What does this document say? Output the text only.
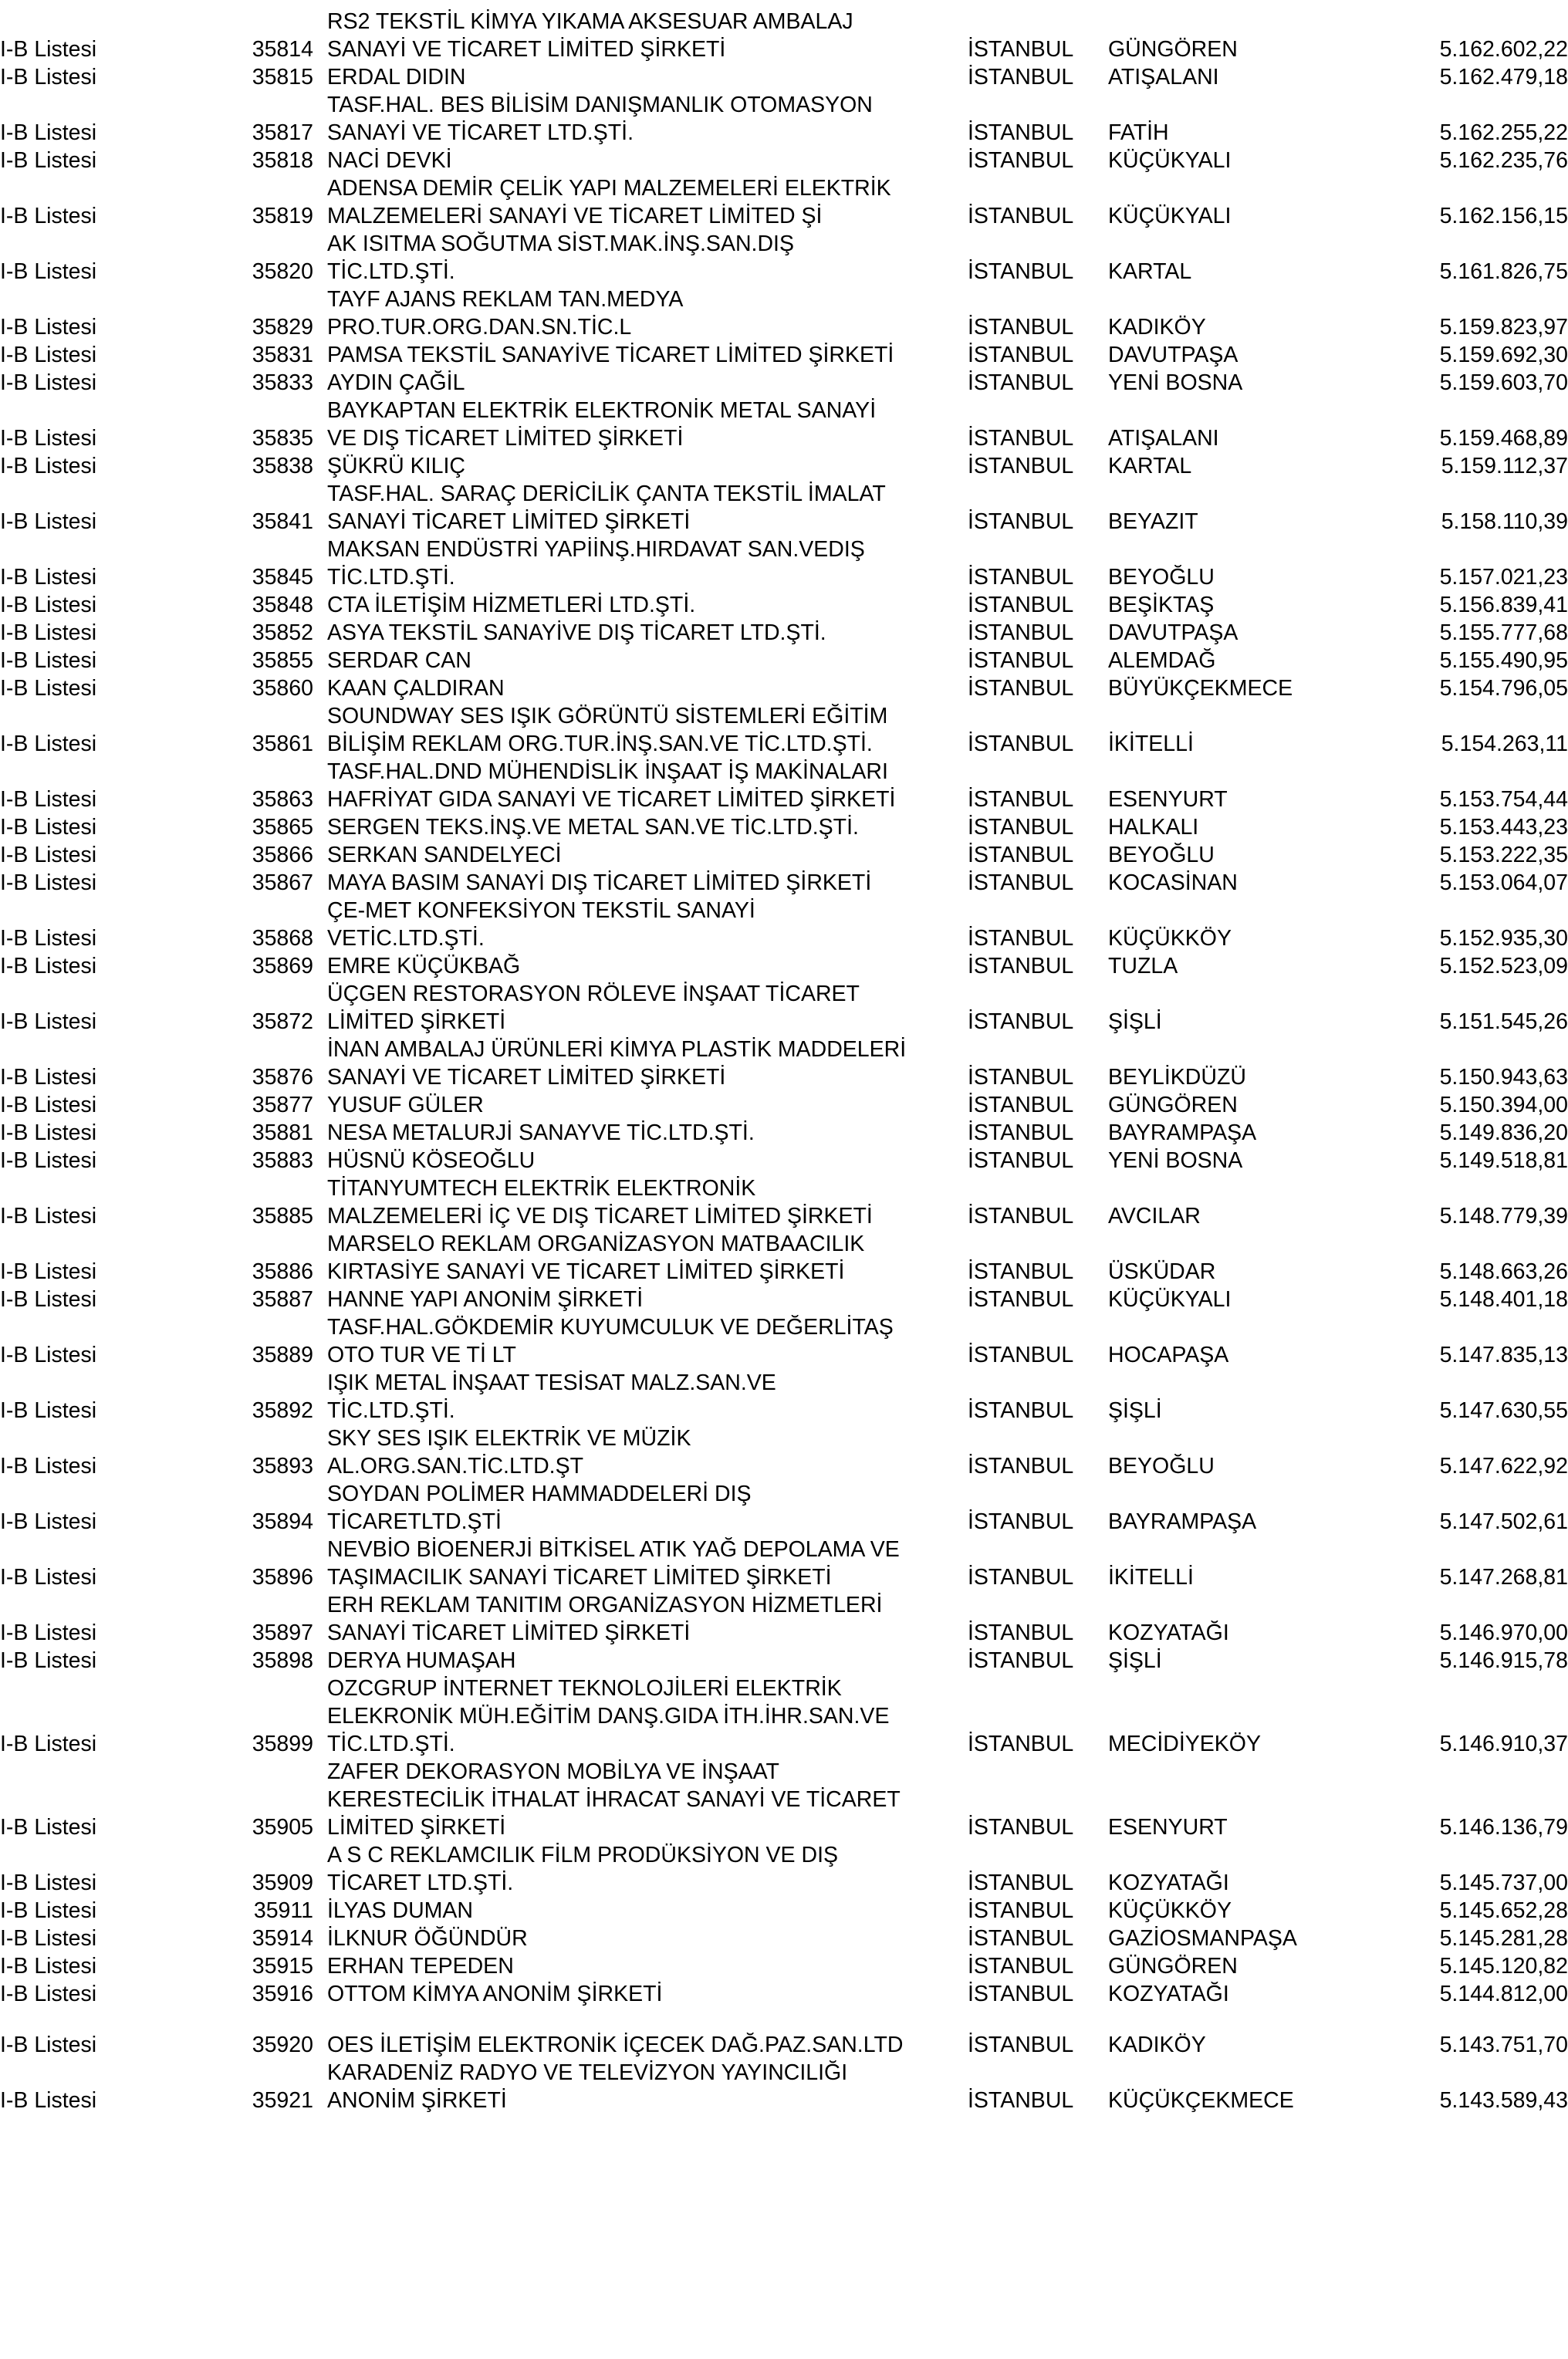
			RS2 TEKSTİL KİMYA YIKAMA AKSESUAR AMBALAJ				
I-B Listesi	35814		SANAYİ VE TİCARET LİMİTED ŞİRKETİ	İSTANBUL		GÜNGÖREN	5.162.602,22
I-B Listesi	35815		ERDAL DIDIN	İSTANBUL		ATIŞALANI	5.162.479,18
			TASF.HAL. BES BİLİSİM DANIŞMANLIK OTOMASYON				
I-B Listesi	35817		SANAYİ VE TİCARET LTD.ŞTİ.	İSTANBUL		FATİH	5.162.255,22
I-B Listesi	35818		NACİ DEVKİ	İSTANBUL		KÜÇÜKYALI	5.162.235,76
			ADENSA DEMİR ÇELİK YAPI MALZEMELERİ ELEKTRİK				
I-B Listesi	35819		MALZEMELERİ SANAYİ VE TİCARET LİMİTED Şİ	İSTANBUL		KÜÇÜKYALI	5.162.156,15
			AK ISITMA SOĞUTMA SİST.MAK.İNŞ.SAN.DIŞ				
I-B Listesi	35820		TİC.LTD.ŞTİ.	İSTANBUL		KARTAL	5.161.826,75
			TAYF AJANS REKLAM TAN.MEDYA				
I-B Listesi	35829		PRO.TUR.ORG.DAN.SN.TİC.L	İSTANBUL		KADIKÖY	5.159.823,97
I-B Listesi	35831		PAMSA TEKSTİL SANAYİVE TİCARET LİMİTED ŞİRKETİ	İSTANBUL		DAVUTPAŞA	5.159.692,30
I-B Listesi	35833		AYDIN ÇAĞİL	İSTANBUL		YENİ BOSNA	5.159.603,70
			BAYKAPTAN ELEKTRİK ELEKTRONİK METAL SANAYİ				
I-B Listesi	35835		VE DIŞ TİCARET LİMİTED ŞİRKETİ	İSTANBUL		ATIŞALANI	5.159.468,89
I-B Listesi	35838		ŞÜKRÜ KILIÇ	İSTANBUL		KARTAL	5.159.112,37
			TASF.HAL. SARAÇ DERİCİLİK ÇANTA TEKSTİL İMALAT				
I-B Listesi	35841		SANAYİ TİCARET LİMİTED ŞİRKETİ	İSTANBUL		BEYAZIT	5.158.110,39
			MAKSAN ENDÜSTRİ YAPİİNŞ.HIRDAVAT SAN.VEDIŞ				
I-B Listesi	35845		TİC.LTD.ŞTİ.	İSTANBUL		BEYOĞLU	5.157.021,23
I-B Listesi	35848		CTA İLETİŞİM HİZMETLERİ LTD.ŞTİ.	İSTANBUL		BEŞİKTAŞ	5.156.839,41
I-B Listesi	35852		ASYA TEKSTİL SANAYİVE DIŞ TİCARET LTD.ŞTİ.	İSTANBUL		DAVUTPAŞA	5.155.777,68
I-B Listesi	35855		SERDAR CAN	İSTANBUL		ALEMDAĞ	5.155.490,95
I-B Listesi	35860		KAAN ÇALDIRAN	İSTANBUL		BÜYÜKÇEKMECE	5.154.796,05
			SOUNDWAY SES IŞIK GÖRÜNTÜ SİSTEMLERİ EĞİTİM				
I-B Listesi	35861		BİLİŞİM REKLAM ORG.TUR.İNŞ.SAN.VE TİC.LTD.ŞTİ.	İSTANBUL		İKİTELLİ	5.154.263,11
			TASF.HAL.DND MÜHENDİSLİK İNŞAAT İŞ MAKİNALARI				
I-B Listesi	35863		HAFRİYAT GIDA SANAYİ VE TİCARET LİMİTED ŞİRKETİ	İSTANBUL		ESENYURT	5.153.754,44
I-B Listesi	35865		SERGEN TEKS.İNŞ.VE METAL SAN.VE TİC.LTD.ŞTİ.	İSTANBUL		HALKALI	5.153.443,23
I-B Listesi	35866		SERKAN SANDELYECİ	İSTANBUL		BEYOĞLU	5.153.222,35
I-B Listesi	35867		MAYA BASIM SANAYİ DIŞ TİCARET LİMİTED ŞİRKETİ	İSTANBUL		KOCASİNAN	5.153.064,07
			ÇE-MET KONFEKSİYON TEKSTİL SANAYİ				
I-B Listesi	35868		VETİC.LTD.ŞTİ.	İSTANBUL		KÜÇÜKKÖY	5.152.935,30
I-B Listesi	35869		EMRE KÜÇÜKBAĞ	İSTANBUL		TUZLA	5.152.523,09
			ÜÇGEN RESTORASYON RÖLEVE İNŞAAT TİCARET				
I-B Listesi	35872		LİMİTED ŞİRKETİ	İSTANBUL		ŞİŞLİ	5.151.545,26
			İNAN AMBALAJ ÜRÜNLERİ KİMYA PLASTİK MADDELERİ				
I-B Listesi	35876		SANAYİ VE TİCARET LİMİTED ŞİRKETİ	İSTANBUL		BEYLİKDÜZÜ	5.150.943,63
I-B Listesi	35877		YUSUF GÜLER	İSTANBUL		GÜNGÖREN	5.150.394,00
I-B Listesi	35881		NESA METALURJİ SANAYVE TİC.LTD.ŞTİ.	İSTANBUL		BAYRAMPAŞA	5.149.836,20
I-B Listesi	35883		HÜSNÜ KÖSEOĞLU	İSTANBUL		YENİ BOSNA	5.149.518,81
			TİTANYUMTECH ELEKTRİK ELEKTRONİK				
I-B Listesi	35885		MALZEMELERİ İÇ VE DIŞ TİCARET LİMİTED ŞİRKETİ	İSTANBUL		AVCILAR	5.148.779,39
			MARSELO REKLAM ORGANİZASYON MATBAACILIK				
I-B Listesi	35886		KIRTASİYE SANAYİ VE TİCARET LİMİTED ŞİRKETİ	İSTANBUL		ÜSKÜDAR	5.148.663,26
I-B Listesi	35887		HANNE YAPI ANONİM ŞİRKETİ	İSTANBUL		KÜÇÜKYALI	5.148.401,18
			TASF.HAL.GÖKDEMİR KUYUMCULUK VE DEĞERLİTAŞ				
I-B Listesi	35889		OTO TUR VE Tİ LT	İSTANBUL		HOCAPAŞA	5.147.835,13
			IŞIK METAL İNŞAAT TESİSAT MALZ.SAN.VE				
I-B Listesi	35892		TİC.LTD.ŞTİ.	İSTANBUL		ŞİŞLİ	5.147.630,55
			SKY SES IŞIK ELEKTRİK VE MÜZİK				
I-B Listesi	35893		AL.ORG.SAN.TİC.LTD.ŞT	İSTANBUL		BEYOĞLU	5.147.622,92
			SOYDAN POLİMER HAMMADDELERİ DIŞ				
I-B Listesi	35894		TİCARETLTD.ŞTİ	İSTANBUL		BAYRAMPAŞA	5.147.502,61
			NEVBİO BİOENERJİ BİTKİSEL ATIK YAĞ DEPOLAMA VE				
I-B Listesi	35896		TAŞIMACILIK SANAYİ TİCARET LİMİTED ŞİRKETİ	İSTANBUL		İKİTELLİ	5.147.268,81
			ERH REKLAM TANITIM ORGANİZASYON HİZMETLERİ				
I-B Listesi	35897		SANAYİ TİCARET LİMİTED ŞİRKETİ	İSTANBUL		KOZYATAĞI	5.146.970,00
I-B Listesi	35898		DERYA HUMAŞAH	İSTANBUL		ŞİŞLİ	5.146.915,78
			OZCGRUP İNTERNET TEKNOLOJİLERİ ELEKTRİK				
			ELEKRONİK MÜH.EĞİTİM DANŞ.GIDA İTH.İHR.SAN.VE				
I-B Listesi	35899		TİC.LTD.ŞTİ.	İSTANBUL		MECİDİYEKÖY	5.146.910,37
			ZAFER DEKORASYON MOBİLYA VE İNŞAAT				
			KERESTECİLİK İTHALAT İHRACAT SANAYİ VE TİCARET				
I-B Listesi	35905		LİMİTED ŞİRKETİ	İSTANBUL		ESENYURT	5.146.136,79
			A S C REKLAMCILIK FİLM PRODÜKSİYON VE DIŞ				
I-B Listesi	35909		TİCARET LTD.ŞTİ.	İSTANBUL		KOZYATAĞI	5.145.737,00
I-B Listesi	35911		İLYAS DUMAN	İSTANBUL		KÜÇÜKKÖY	5.145.652,28
I-B Listesi	35914		İLKNUR ÖĞÜNDÜR	İSTANBUL		GAZİOSMANPAŞA	5.145.281,28
I-B Listesi	35915		ERHAN TEPEDEN	İSTANBUL		GÜNGÖREN	5.145.120,82
I-B Listesi	35916		OTTOM KİMYA ANONİM ŞİRKETİ	İSTANBUL		KOZYATAĞI	5.144.812,00

I-B Listesi	35920		OES İLETİŞİM ELEKTRONİK İÇECEK DAĞ.PAZ.SAN.LTD	İSTANBUL		KADIKÖY	5.143.751,70
			KARADENİZ RADYO VE TELEVİZYON YAYINCILIĞI				
I-B Listesi	35921		ANONİM ŞİRKETİ	İSTANBUL		KÜÇÜKÇEKMECE	5.143.589,43
